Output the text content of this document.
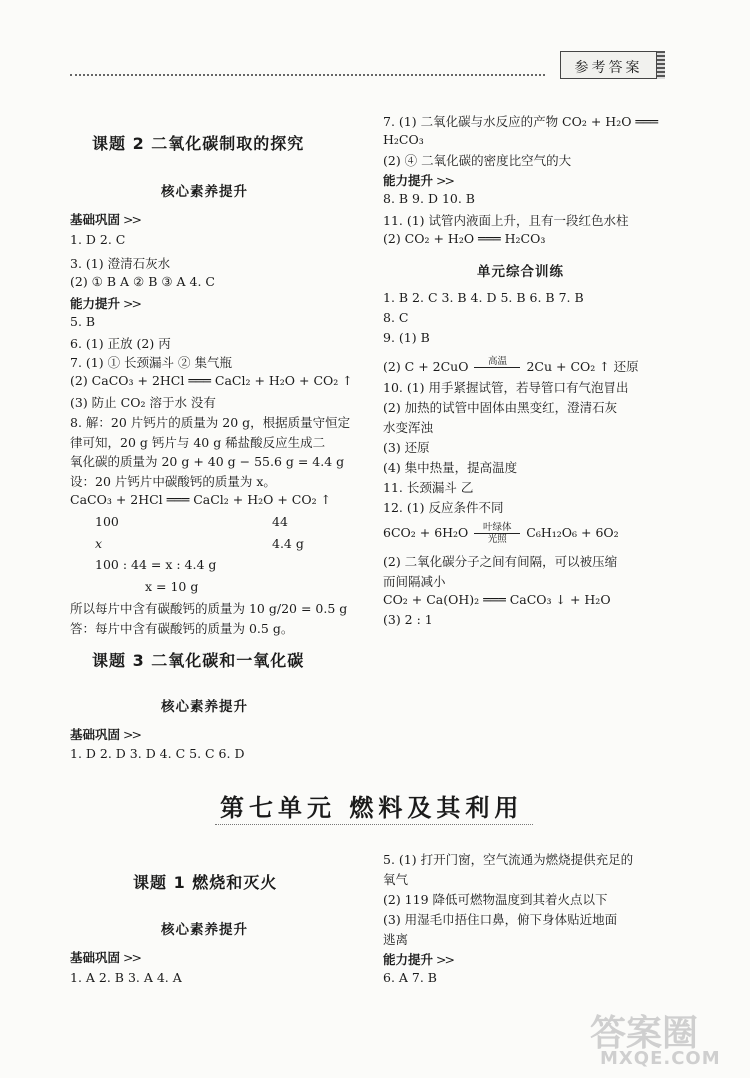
参考答案
课题 2 二氧化碳制取的探究
核心素养提升
基础巩固 >>
1. D 2. C
3. (1) 澄清石灰水
(2) ① B A ② B ③ A 4. C
能力提升 >>
5. B
6. (1) 正放 (2) 丙
7. (1) ① 长颈漏斗 ② 集气瓶
(2) CaCO₃ + 2HCl ═══ CaCl₂ + H₂O + CO₂ ↑
(3) 防止 CO₂ 溶于水 没有
8. 解：20 片钙片的质量为 20 g，根据质量守恒定
律可知，20 g 钙片与 40 g 稀盐酸反应生成二
氧化碳的质量为 20 g + 40 g − 55.6 g = 4.4 g
设：20 片钙片中碳酸钙的质量为 x。
CaCO₃ + 2HCl ═══ CaCl₂ + H₂O + CO₂ ↑
100	44
x	4.4 g
100 : 44 = x : 4.4 g
x = 10 g
所以每片中含有碳酸钙的质量为 10 g/20 = 0.5 g
答：每片中含有碳酸钙的质量为 0.5 g。
课题 3 二氧化碳和一氧化碳
核心素养提升
基础巩固 >>
1. D 2. D 3. D 4. C 5. C 6. D
7. (1) 二氧化碳与水反应的产物 CO₂ + H₂O ═══
H₂CO₃
(2) ④ 二氧化碳的密度比空气的大
能力提升 >>
8. B 9. D 10. B
11. (1) 试管内液面上升，且有一段红色水柱
(2) CO₂ + H₂O ═══ H₂CO₃
单元综合训练
1. B 2. C 3. B 4. D 5. B 6. B 7. B
8. C
9. (1) B
(2) C + 2CuO	高温
	2Cu + CO₂ ↑ 还原
10. (1) 用手紧握试管，若导管口有气泡冒出
(2) 加热的试管中固体由黑变红，澄清石灰
水变浑浊
(3) 还原
(4) 集中热量，提高温度
11. 长颈漏斗 乙
12. (1) 反应条件不同
$6CO_2 + 6H_2O \frac{\text{叶绿体}}{\text{光照}} C_6H_{12}O_6 + 6O_2$
(2) 二氧化碳分子之间有间隔，可以被压缩
而间隔减小
CO₂ + Ca(OH)₂ ═══ CaCO₃ ↓ + H₂O
(3) 2 : 1
第七单元 燃料及其利用
课题 1 燃烧和灭火
核心素养提升
基础巩固 >>
1. A 2. B 3. A 4. A
5. (1) 打开门窗，空气流通为燃烧提供充足的
氧气
(2) 119 降低可燃物温度到其着火点以下
(3) 用湿毛巾捂住口鼻，俯下身体贴近地面
逃离
能力提升 >>
6. A 7. B
答案圈
MXQE.COM
